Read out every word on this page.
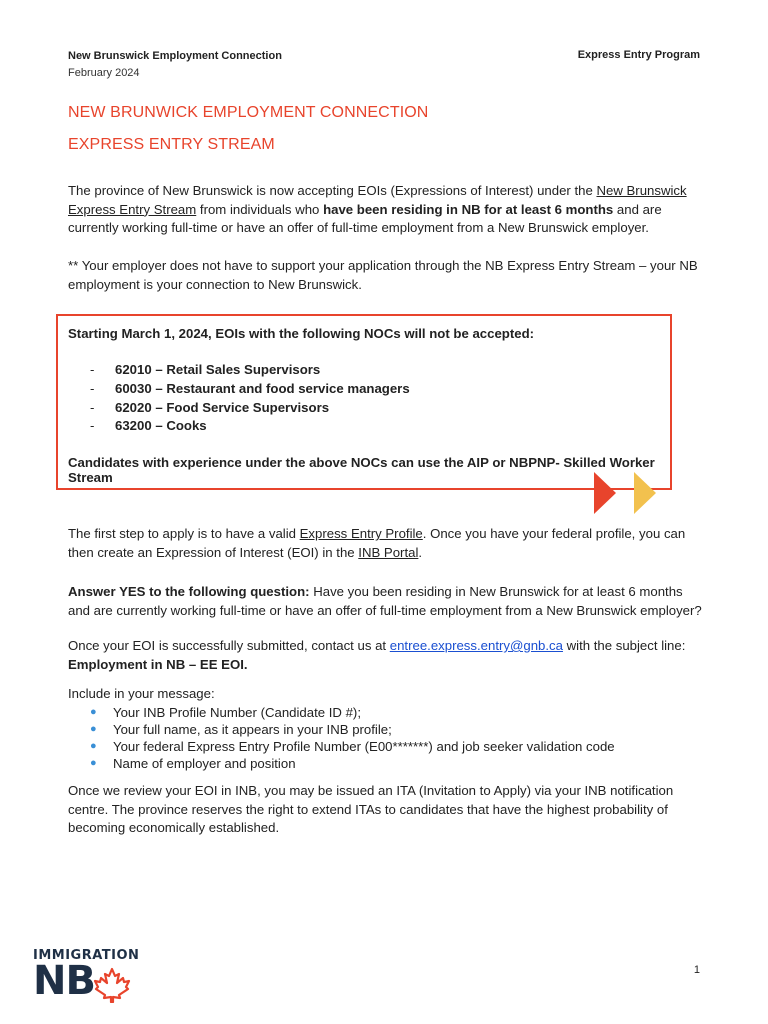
New Brunswick Employment Connection
February 2024
Express Entry Program
NEW BRUNWICK EMPLOYMENT CONNECTION
EXPRESS ENTRY STREAM
The province of New Brunswick is now accepting EOIs (Expressions of Interest) under the New Brunswick Express Entry Stream from individuals who have been residing in NB for at least 6 months and are currently working full-time or have an offer of full-time employment from a New Brunswick employer.
** Your employer does not have to support your application through the NB Express Entry Stream – your NB employment is your connection to New Brunswick.
Starting March 1, 2024, EOIs with the following NOCs will not be accepted:
- 62010 – Retail Sales Supervisors
- 60030 – Restaurant and food service managers
- 62020 – Food Service Supervisors
- 63200 – Cooks
Candidates with experience under the above NOCs can use the AIP or NBPNP- Skilled Worker Stream
The first step to apply is to have a valid Express Entry Profile. Once you have your federal profile, you can then create an Expression of Interest (EOI) in the INB Portal.
Answer YES to the following question: Have you been residing in New Brunswick for at least 6 months and are currently working full-time or have an offer of full-time employment from a New Brunswick employer?
Once your EOI is successfully submitted, contact us at entree.express.entry@gnb.ca with the subject line:
Employment in NB – EE EOI.
Include in your message:
● Your INB Profile Number (Candidate ID #);
● Your full name, as it appears in your INB profile;
● Your federal Express Entry Profile Number (E00*******) and job seeker validation code
● Name of employer and position
Once we review your EOI in INB, you may be issued an ITA (Invitation to Apply) via your INB notification centre. The province reserves the right to extend ITAs to candidates that have the highest probability of becoming economically established.
IMMIGRATION
NB	1
